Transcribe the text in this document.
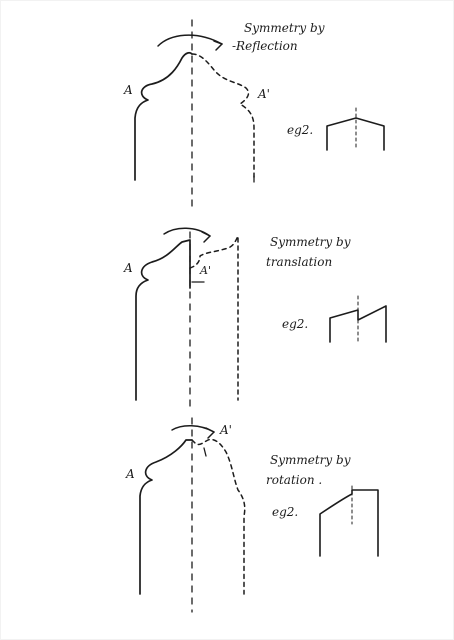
A	A'
Symmetry by
-Reflection
eg2.
A	A'
Symmetry by
translation
eg2.
A
A'
Symmetry by
rotation .
eg2.
